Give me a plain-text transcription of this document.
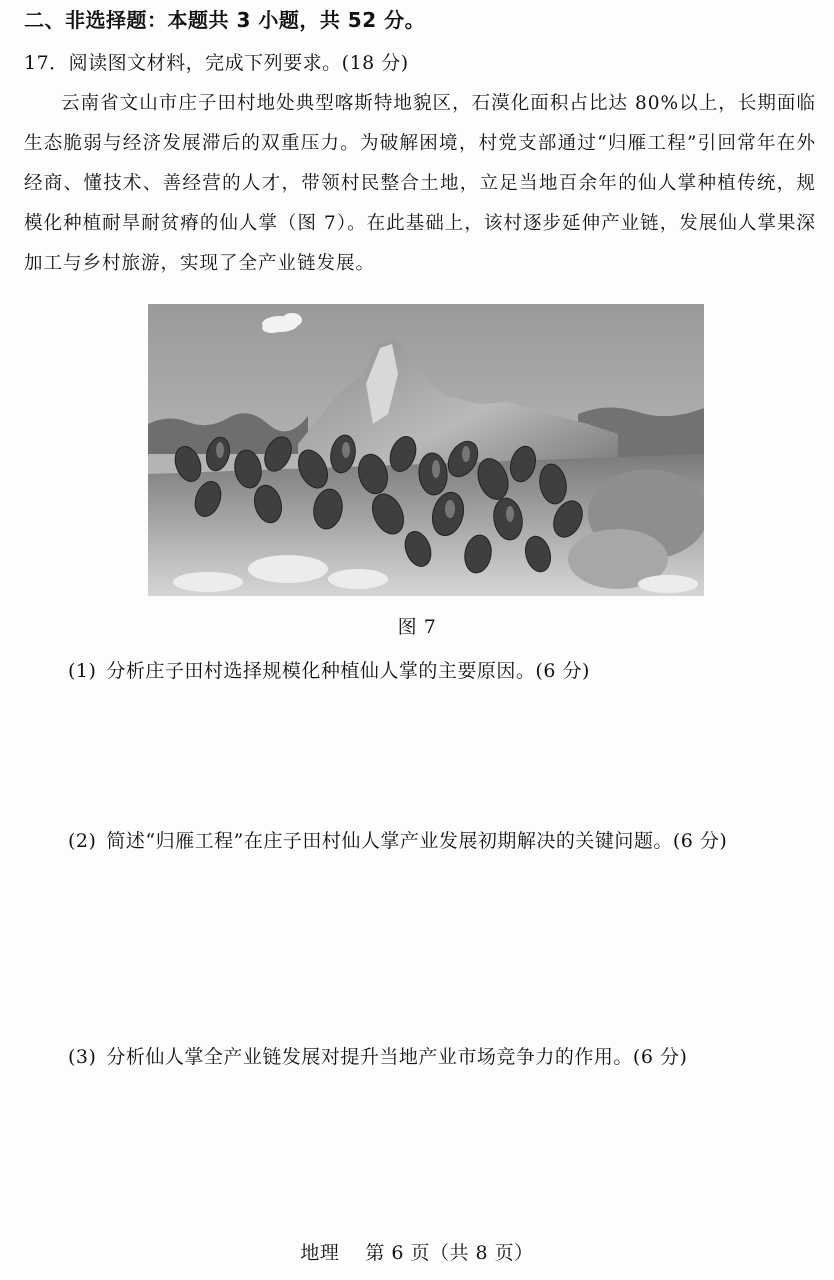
二、非选择题：本题共 3 小题，共 52 分。
17．阅读图文材料，完成下列要求。(18 分)
云南省文山市庄子田村地处典型喀斯特地貌区，石漠化面积占比达 80%以上，长期面临生态脆弱与经济发展滞后的双重压力。为破解困境，村党支部通过“归雁工程”引回常年在外经商、懂技术、善经营的人才，带领村民整合土地，立足当地百余年的仙人掌种植传统，规模化种植耐旱耐贫瘠的仙人掌（图 7）。在此基础上，该村逐步延伸产业链，发展仙人掌果深加工与乡村旅游，实现了全产业链发展。
图 7
(1) 分析庄子田村选择规模化种植仙人掌的主要原因。(6 分)
(2) 简述“归雁工程”在庄子田村仙人掌产业发展初期解决的关键问题。(6 分)
(3) 分析仙人掌全产业链发展对提升当地产业市场竞争力的作用。(6 分)
地理 第 6 页（共 8 页）
